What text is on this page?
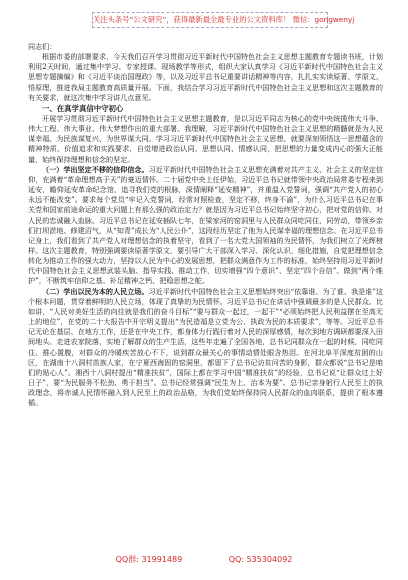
关注头条号“公文研究”，获得最新最全最专业的公文资料库！ 微信：gongwenyj

同志们：

根据市委的部署要求，今天我们召开学习贯彻习近平新时代中国特色社会主义思想主题教育专题读书班，计划利用2天时间，通过集中学习、专家授课、现场教学等形式，组织大家认真学习《习近平新时代中国特色社会主义思想专题摘编》和《习近平谈治国理政》等，以及习近平总书记重要讲话精神等内容，扎扎实实读原著、学原文、悟原理，推进我局主题教育高质量开展。下面，我结合学习习近平新时代中国特色社会主义思想和这次主题教育的有关要求，就这次集中学习讲几点意见。

一、在真学真信中守初心

开展学习贯彻习近平新时代中国特色社会主义思想主题教育，是以习近平同志为核心的党中央统揽伟大斗争、伟大工程、伟大事业、伟大梦想作出的重大部署。我理解，习近平新时代中国特色社会主义思想的精髓就是为人民谋幸福、为民族谋复兴、为世界谋大同。学习习近平新时代中国特色社会主义思想，就要深刻领悟这一思想蕴含的精神特质、价值追求和实践要求，自觉增进政治认同、思想认同、情感认同，把思想的力量变成内心的强大正能量，始终保持理想和信念的坚定。

（一）学出坚定不移的信仰信念。习近平新时代中国特色社会主义思想充满着对共产主义、社会主义的坚定信仰，充满着“革命理想高于天”的豪迈情怀。二十届党中央上任伊始，习近平总书记就带领中央政治局常委专程来到延安，瞻仰延安革命纪念馆，追寻我们党的根脉，深情阐释“延安精神”，并重温入党誓词，强调“共产党人的初心永远不能改变”。要求每个党员“牢记入党誓词，经常对照检查，坚定不移，终身不渝”，为什么习近平总书记在事关党和国家前途命运的重大问题上有那么强的政治定力？就是因为习近平总书记始终坚守初心，把对党的信仰、对人民的忠诚融入血脉。习近平总书记在延安插队七年，在梁家河的窑洞里与人民群众同吃同住、同劳动，带领乡亲们打坝淤地、修建沼气，从“知青”成长为“人民公仆”，这段经历坚定了他为人民谋幸福的理想信念。在习近平总书记身上，我们看到了共产党人对理想信念的执着坚守，看到了一名大党大国领袖的为民情怀，为我们树立了光辉榜样。这次主题教育，特别强调要读原著学原文，要引导广大干部深入学习、深化认识、细化措施，自觉把理想信念转化为推动工作的强大动力，坚持以人民为中心的发展思想，把群众满意作为工作的标准，始终坚持用习近平新时代中国特色社会主义思想武装头脑、指导实践、推动工作，切实增强“四个意识”、坚定“四个自信”、做到“两个维护”，不断筑牢信仰之基、补足精神之钙、把稳思想之舵。

（二）学出以民为本的人民立场。习近平新时代中国特色社会主义思想始终突出“依靠谁、为了谁、我是谁”这个根本问题，贯穿着鲜明的人民立场，体现了真挚的为民情怀。习近平总书记在讲话中强调最多的是人民群众。比如讲，“人民对美好生活的向往就是我们的奋斗目标”“要与群众一起过，一起干”“必须始终把人民利益摆在至高无上的地位”，在党的二十大报告中开宗明义提出“为民造福是立党为公、执政为民的本质要求”，等等。习近平总书记无论在基层、在地方工作，还是在中央工作，都身体力行践行着对人民的深厚感情，每次到地方调研都要深入田间地头、走进农家院落，实地了解群众的生产生活，这些年走遍了全国各地，总书记同群众在一起的时候，同吃同住、推心置腹，对群众的冷暖疾苦放心不下，说到群众最关心的事情动情处眼含热泪。在河北阜平深度贫困的山区，在湖南十八洞村苗族人家，在宁夏西海固的窑洞里，都留下了总书记访贫问苦的身影，群众都说“总书记是咱们的贴心人”。湘西十八洞村提出“精准扶贫”，国际上都在学习中国“精准扶贫”的经验，总书记说“让群众过上好日子”，要“为民服务不松劲、勇于担当”。总书记经常强调“民生为上、治本为要”。总书记亲身躬行人民至上的执政理念，将赤诚人民情怀融入到人民至上的政治品格，为我们党始终保持同人民群众的血肉联系，提供了根本遵循。

QQ群: 31991489	QQ: 535304092
